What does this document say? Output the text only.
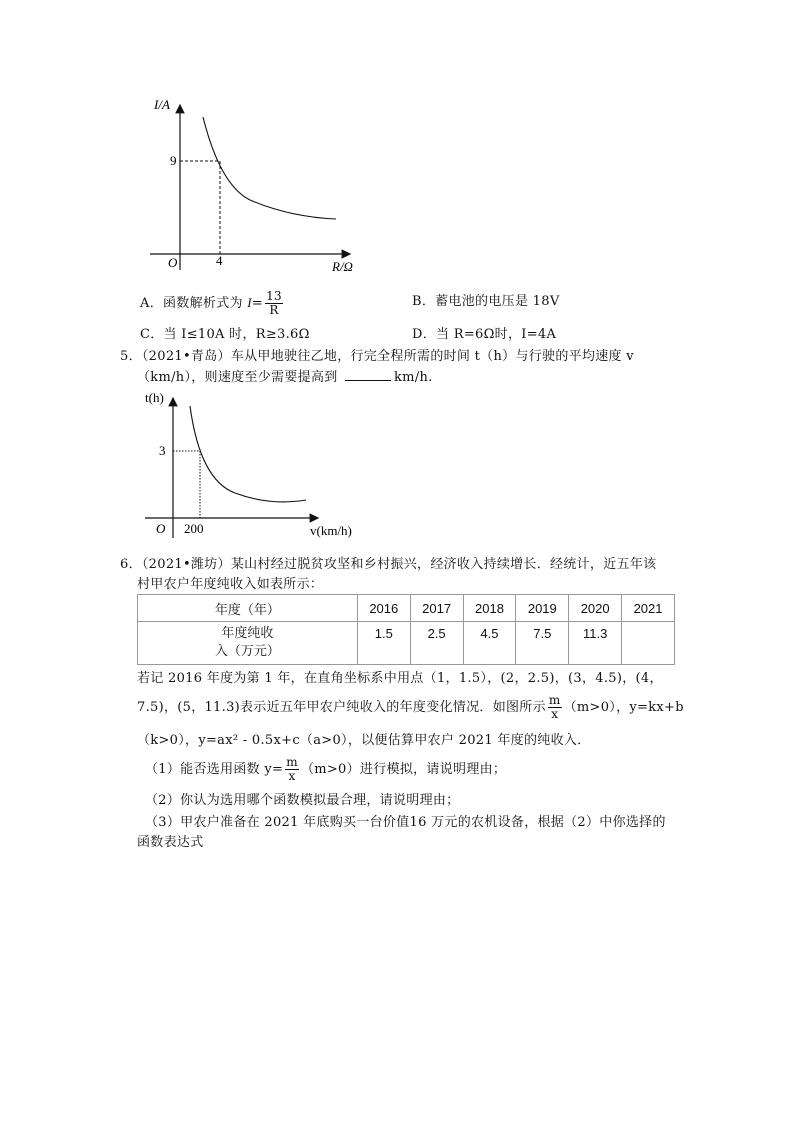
I/A
R/Ω
O
9
4
A．函数解析式为 $I= \frac{13}{R}$	B．蓄电池的电压是 18V
C．当 I≤10A 时，R≥3.6Ω	D．当 R=6Ω时，I=4A
5．（2021•青岛）车从甲地驶往乙地，行完全程所需的时间 t（h）与行驶的平均速度 v
（km/h），则速度至少需要提高到	km/h.
t(h)
v(km/h)
O
3
200
6．（2021•潍坊）某山村经过脱贫攻坚和乡村振兴，经济收入持续增长．经统计，近五年该
村甲农户年度纯收入如表所示：
年度（年）	2016	2017	2018	2019	2020	2021

年度纯收
入（万元）	1.5	2.5	4.5	7.5	11.3	
若记 2016 年度为第 1 年，在直角坐标系中用点（1，1.5），(2，2.5)，(3，4.5)，(4，
7.5)，(5，11.3)表示近五年甲农户纯收入的年度变化情况．如图所示 $\frac{m}{x} (m>0)$，y=kx+b
（k>0），y=ax² - 0.5x+c（a>0），以便估算甲农户 2021 年度的纯收入．
（1）能否选用函数 $y= \frac{m}{x} (m>0)$进行模拟，请说明理由；
（2）你认为选用哪个函数模拟最合理，请说明理由；
（3）甲农户准备在 2021 年底购买一台价值16 万元的农机设备，根据（2）中你选择的
函数表达式
